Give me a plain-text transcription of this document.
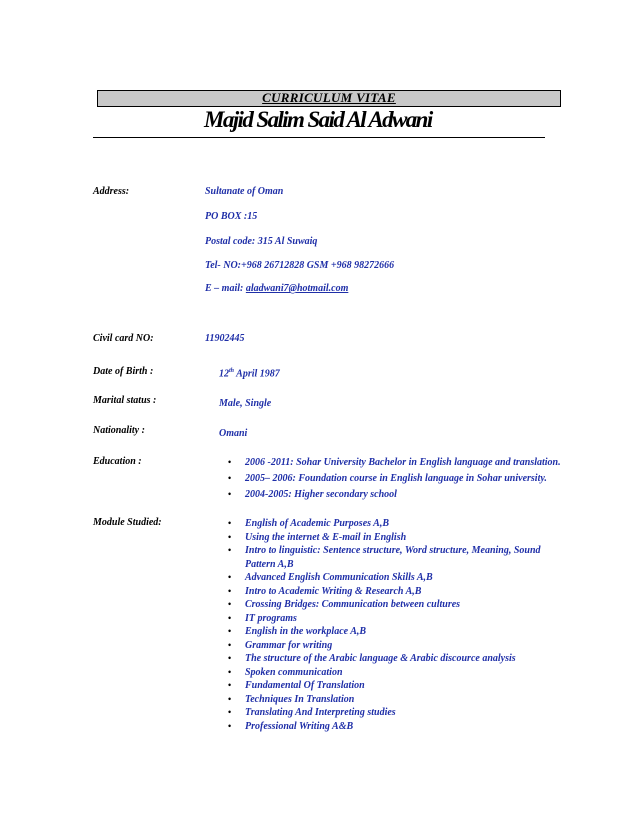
CURRICULUM VITAE
Majid Salim Said Al Adwani
Address:	Sultanate of Oman
PO BOX :15
Postal code: 315 Al Suwaiq
Tel- NO:+968 26712828 GSM +968 98272666
E – mail: aladwani7@hotmail.com
Civil card NO:	11902445
Date of Birth :	12th April 1987
Marital status :	Male, Single
Nationality :	Omani
Education :	• 2006 -2011: Sohar University Bachelor in English language and translation.
• 2005– 2006: Foundation course in English language in Sohar university.
• 2004-2005: Higher secondary school
Module Studied:	• English of Academic Purposes A,B
• Using the internet & E-mail in English
• Intro to linguistic: Sentence structure, Word structure, Meaning, Sound Pattern A,B
• Advanced English Communication Skills A,B
• Intro to Academic Writing & Research A,B
• Crossing Bridges: Communication between cultures
• IT programs
• English in the workplace A,B
• Grammar for writing
• The structure of the Arabic language & Arabic discource analysis
• Spoken communication
• Fundamental Of Translation
• Techniques In Translation
• Translating And Interpreting studies
• Professional Writing A&B
